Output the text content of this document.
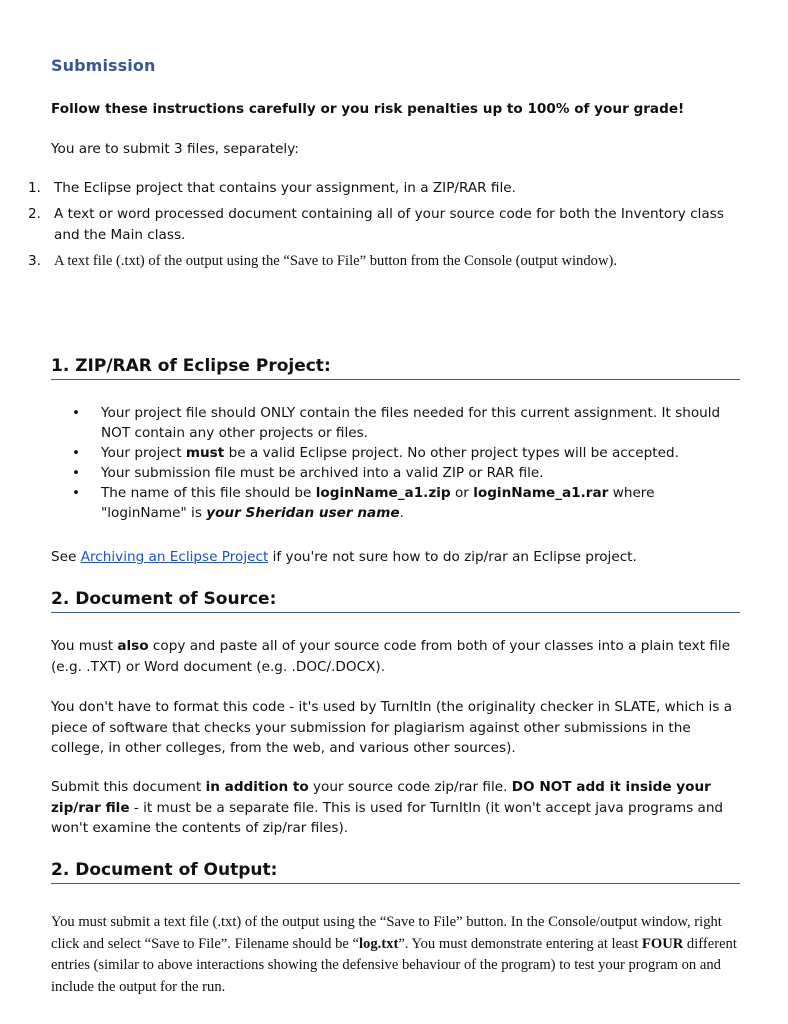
Submission
Follow these instructions carefully or you risk penalties up to 100% of your grade!
You are to submit 3 files, separately:
1. The Eclipse project that contains your assignment, in a ZIP/RAR file.
2. A text or word processed document containing all of your source code for both the Inventory class and the Main class.
3. A text file (.txt) of the output using the “Save to File” button from the Console (output window).
1. ZIP/RAR of Eclipse Project:
• Your project file should ONLY contain the files needed for this current assignment. It should NOT contain any other projects or files.
• Your project must be a valid Eclipse project. No other project types will be accepted.
• Your submission file must be archived into a valid ZIP or RAR file.
• The name of this file should be loginName_a1.zip or loginName_a1.rar where "loginName" is your Sheridan user name.

See Archiving an Eclipse Project if you're not sure how to do zip/rar an Eclipse project.

2. Document of Source:

You must also copy and paste all of your source code from both of your classes into a plain text file (e.g. .TXT) or Word document (e.g. .DOC/.DOCX).

You don't have to format this code - it's used by TurnItIn (the originality checker in SLATE, which is a piece of software that checks your submission for plagiarism against other submissions in the college, in other colleges, from the web, and various other sources).

Submit this document in addition to your source code zip/rar file. DO NOT add it inside your zip/rar file - it must be a separate file. This is used for TurnItIn (it won't accept java programs and won't examine the contents of zip/rar files).

2. Document of Output:

You must submit a text file (.txt) of the output using the “Save to File” button. In the Console/output window, right click and select “Save to File”. Filename should be “log.txt”. You must demonstrate entering at least FOUR different entries (similar to above interactions showing the defensive behaviour of the program) to test your program on and include the output for the run.
